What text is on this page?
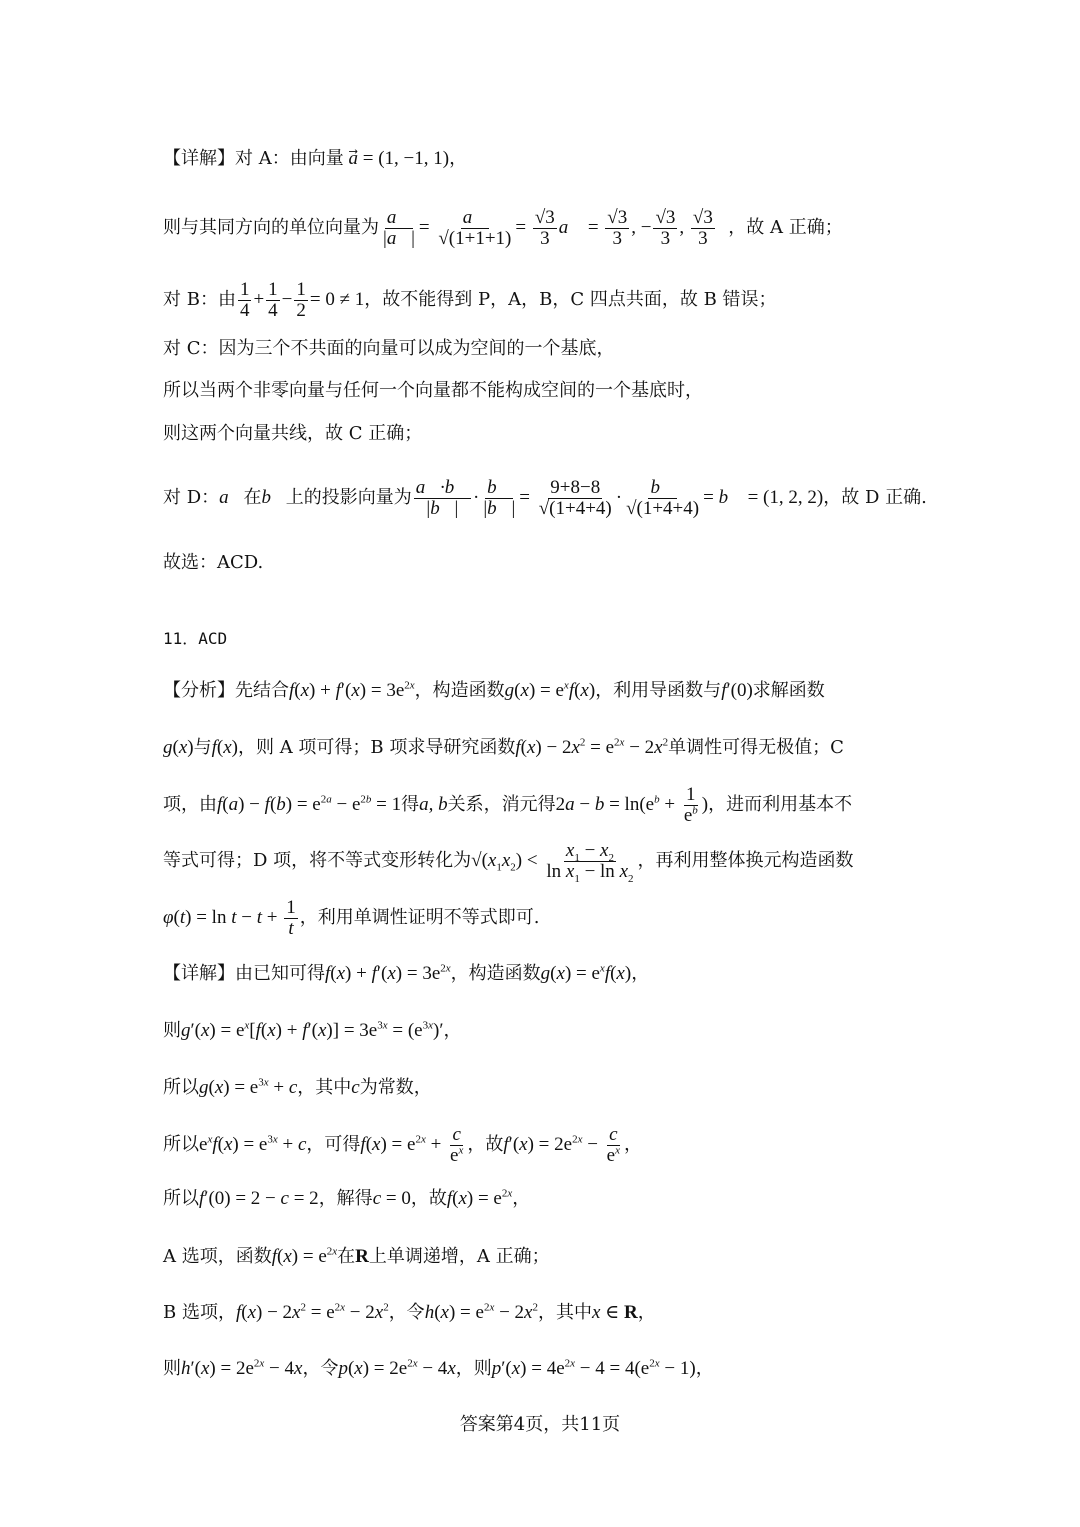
【详解】对 A：由向量 a⃗ = (1, −1, 1) ，
则与其同方向的单位向量为 $\frac{a⃗}{|a⃗|} = \frac{a⃗}{√(1+1+1)} = \frac{√3}{3}$ a⃗ = $\frac{√3}{3}$ , − $\frac{√3}{3}$ , $\frac{√3}{3}$ ，故 A 正确；
对 B：由 $\frac{1}{4} + \frac{1}{4} - \frac{1}{2} = 0 \ne 1$ ，故不能得到 P，A，B，C 四点共面，故 B 错误；
对 C：因为三个不共面的向量可以成为空间的一个基底，
所以当两个非零向量与任何一个向量都不能构成空间的一个基底时，
则这两个向量共线，故 C 正确；
对 D： a⃗ 在 b⃗ 上的投影向量为 $\frac{a⃗\cdot b⃗}{|b⃗|} \cdot \frac{b⃗}{|b⃗|} = \frac{9+8-8}{√(1+4+4)} \cdot \frac{b⃗}{√(1+4+4)}$ = b⃗ = (1, 2, 2) ，故 D 正确.
故选：ACD.
11．ACD
【分析】先结合 $f(x) + f'(x) = 3e^{2x}$ ，构造函数 $g(x) = e^xf(x)$ ，利用导函数与 f′(0) 求解函数
g(x) 与 f(x) ，则 A 项可得；B 项求导研究函数 $f(x) - 2x^2 = e^{2x} - 2x^2$ 单调性可得无极值；C
项，由 $f(a) - f(b) = e^{2a} - e^{2b} = 1$ 得 a, b 关系，消元得 $2a - b = \ln(e^b + \frac{1}{e^b}$ ) ，进而利用基本不
等式可得；D 项，将不等式变形转化为 $√(x_1x_2) < \frac{x_1 - x_2}{\ln x_1 - \ln x_2}$ ，再利用整体换元构造函数
$\varphi(t) = \ln t - t + \frac{1}{t}$ ，利用单调性证明不等式即可.
【详解】由已知可得 $f(x) + f'(x) = 3e^{2x}$ ，构造函数 $g(x) = e^xf(x)$ ，
则 $g'(x) = e^x[f(x) + f'(x)] = 3e^{3x} = (e^{3x})'$ ，
所以 $g(x) = e^{3x} + c$ ，其中 c 为常数，
所以 $e^xf(x) = e^{3x} + c$ ，可得 $f(x) = e^{2x} + \frac{c}{e^x}$ ，故 $f'(x) = 2e^{2x} - \frac{c}{e^x}$ ，
所以 f′(0) = 2 − c = 2 ，解得 c = 0 ，故 $f(x) = e^{2x}$ ，
A 选项，函数 $f(x) = e^{2x}$ 在 R 上单调递增，A 正确；
B 选项， $f(x) - 2x^2 = e^{2x} - 2x^2$ ，令 $h(x) = e^{2x} - 2x^2$ ，其中 x ∈ R ，
则 $h'(x) = 2e^{2x} - 4x$ ，令 $p(x) = 2e^{2x} - 4x$ ，则 $p'(x) = 4e^{2x} - 4 = 4(e^{2x} - 1)$ ，
答案第4页，共11页
